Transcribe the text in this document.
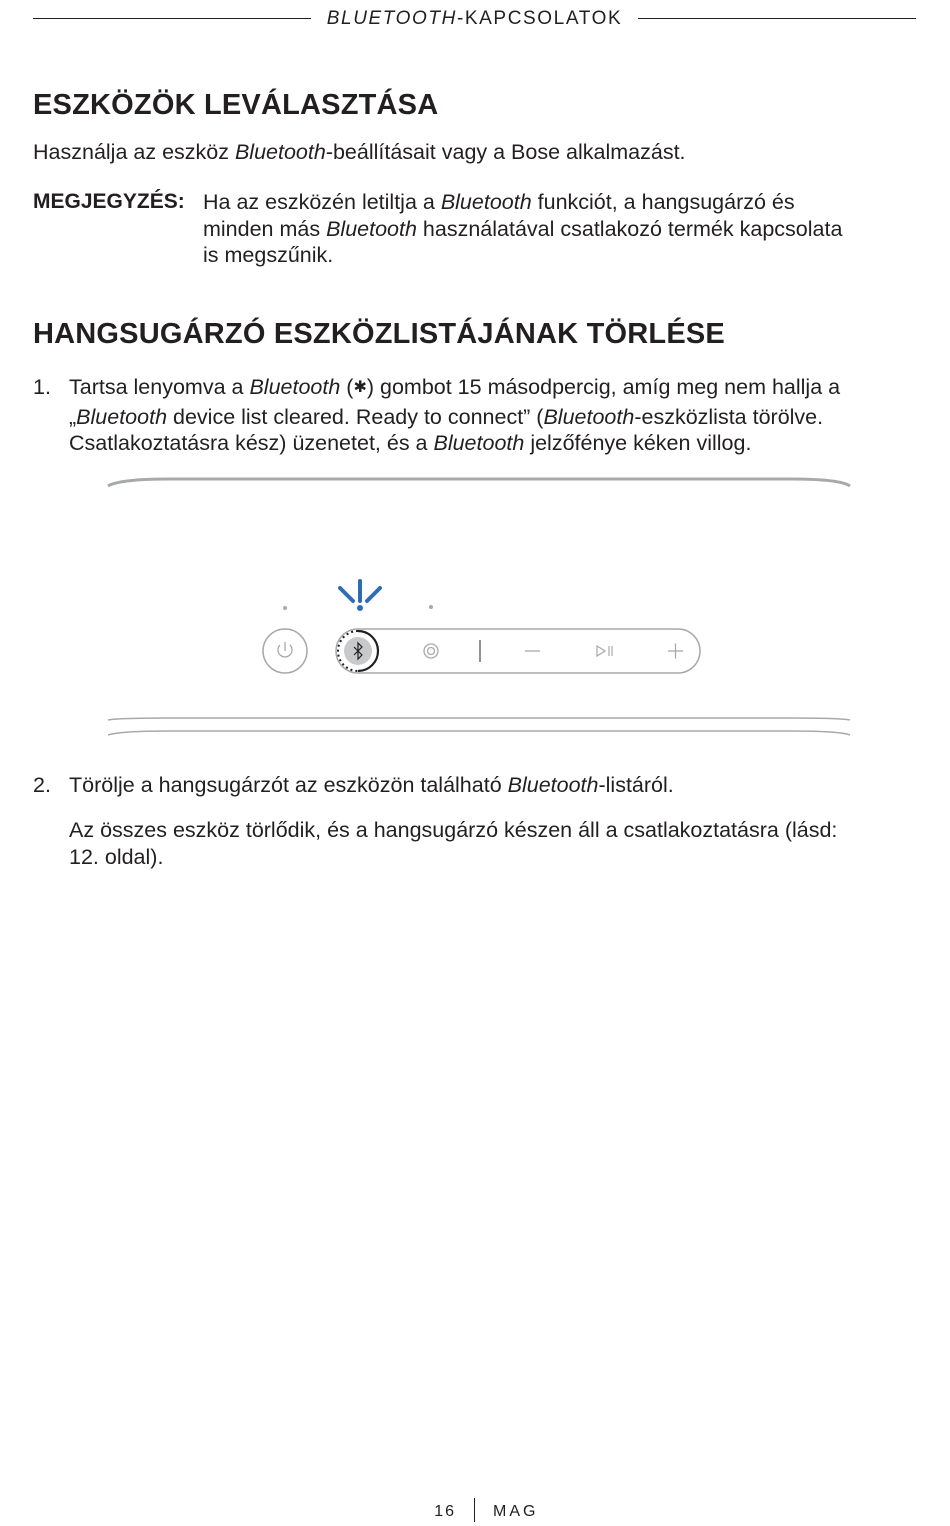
BLUETOOTH-KAPCSOLATOK
ESZKÖZÖK LEVÁLASZTÁSA

Használja az eszköz Bluetooth-beállításait vagy a Bose alkalmazást.

MEGJEGYZÉS: Ha az eszközén letiltja a Bluetooth funkciót, a hangsugárzó és
minden más Bluetooth használatával csatlakozó termék kapcsolata
is megszűnik.

HANGSUGÁRZÓ ESZKÖZLISTÁJÁNAK TÖRLÉSE
1. Tartsa lenyomva a Bluetooth (✱) gombot 15 másodpercig, amíg meg nem hallja a
„Bluetooth device list cleared. Ready to connect” (Bluetooth-eszközlista törölve.
Csatlakoztatásra kész) üzenetet, és a Bluetooth jelzőfénye kéken villog.

2. Törölje a hangsugárzót az eszközön található Bluetooth-listáról.

Az összes eszköz törlődik, és a hangsugárzó készen áll a csatlakoztatásra (lásd:
12. oldal).

16 MAG
